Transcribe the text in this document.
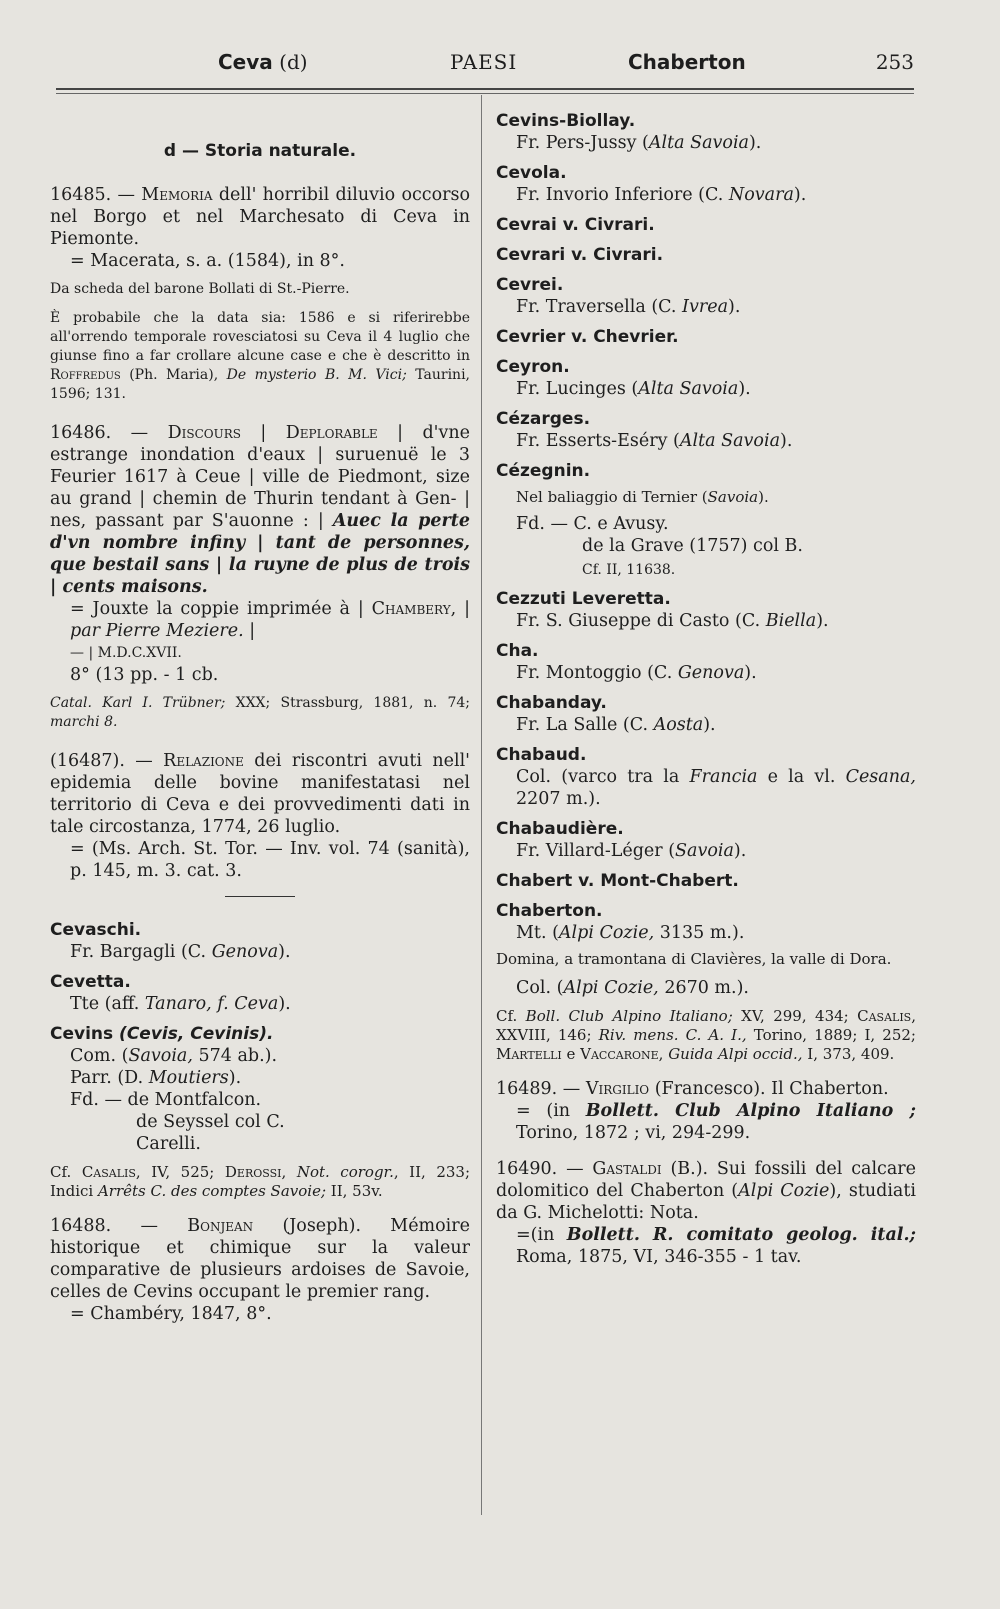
Ceva (d)	PAESI	Chaberton	253

d — Storia naturale.

16485. — Memoria dell' horribil diluvio occorso nel Borgo et nel Marchesato di Ceva in Piemonte.

= Macerata, s. a. (1584), in 8°.

Da scheda del barone Bollati di St.-Pierre.

È probabile che la data sia: 1586 e si riferirebbe all'orrendo temporale rovesciatosi su Ceva il 4 luglio che giunse fino a far crollare alcune case e che è descritto in Roffredus (Ph. Maria), De mysterio B. M. Vici; Taurini, 1596; 131.

16486. — Discours | Deplorable | d'vne estrange inondation d'eaux | suruenuë le 3 Feurier 1617 à Ceue | ville de Piedmont, size au grand | chemin de Thurin tendant à Gen- | nes, passant par S'auonne : | Auec la perte d'vn nombre infiny | tant de personnes, que bestail sans | la ruyne de plus de trois | cents maisons.

= Jouxte la coppie imprimée à | Chambery, | par Pierre Meziere. |

— | M.D.C.XVII.

8° (13 pp. - 1 cb.

Catal. Karl I. Trübner; XXX; Strassburg, 1881, n. 74; marchi 8.

(16487). — Relazione dei riscontri avuti nell' epidemia delle bovine manifestatasi nel territorio di Ceva e dei provvedimenti dati in tale circostanza, 1774, 26 luglio.

= (Ms. Arch. St. Tor. — Inv. vol. 74 (sanità), p. 145, m. 3. cat. 3.

Cevaschi.

Fr. Bargagli (C. Genova).

Cevetta.

Tte (aff. Tanaro, f. Ceva).

Cevins (Cevis, Cevinis).

Com. (Savoia, 574 ab.).

Parr. (D. Moutiers).

Fd. — de Montfalcon.

de Seyssel col C.

Carelli.

Cf. Casalis, IV, 525; Derossi, Not. corogr., II, 233; Indici Arrêts C. des comptes Savoie; II, 53v.

16488. — Bonjean (Joseph). Mémoire historique et chimique sur la valeur comparative de plusieurs ardoises de Savoie, celles de Cevins occupant le premier rang.

= Chambéry, 1847, 8°.

Cevins-Biollay.

Fr. Pers-Jussy (Alta Savoia).

Cevola.

Fr. Invorio Inferiore (C. Novara).

Cevrai v. Civrari.

Cevrari v. Civrari.

Cevrei.

Fr. Traversella (C. Ivrea).

Cevrier v. Chevrier.

Ceyron.

Fr. Lucinges (Alta Savoia).

Cézarges.

Fr. Esserts-Eséry (Alta Savoia).

Cézegnin.

Nel baliaggio di Ternier (Savoia).

Fd. — C. e Avusy.

de la Grave (1757) col B.

Cf. II, 11638.

Cezzuti Leveretta.

Fr. S. Giuseppe di Casto (C. Biella).

Cha.

Fr. Montoggio (C. Genova).

Chabanday.

Fr. La Salle (C. Aosta).

Chabaud.

Col. (varco tra la Francia e la vl. Cesana, 2207 m.).

Chabaudière.

Fr. Villard-Léger (Savoia).

Chabert v. Mont-Chabert.

Chaberton.

Mt. (Alpi Cozie, 3135 m.).

Domina, a tramontana di Clavières, la valle di Dora.

Col. (Alpi Cozie, 2670 m.).

Cf. Boll. Club Alpino Italiano; XV, 299, 434; Casalis, XXVIII, 146; Riv. mens. C. A. I., Torino, 1889; I, 252; Martelli e Vaccarone, Guida Alpi occid., I, 373, 409.

16489. — Virgilio (Francesco). Il Chaberton.

= (in Bollett. Club Alpino Italiano ; Torino, 1872 ; vi, 294-299.

16490. — Gastaldi (B.). Sui fossili del calcare dolomitico del Chaberton (Alpi Cozie), studiati da G. Michelotti: Nota.

=(in Bollett. R. comitato geolog. ital.; Roma, 1875, VI, 346-355 - 1 tav.
